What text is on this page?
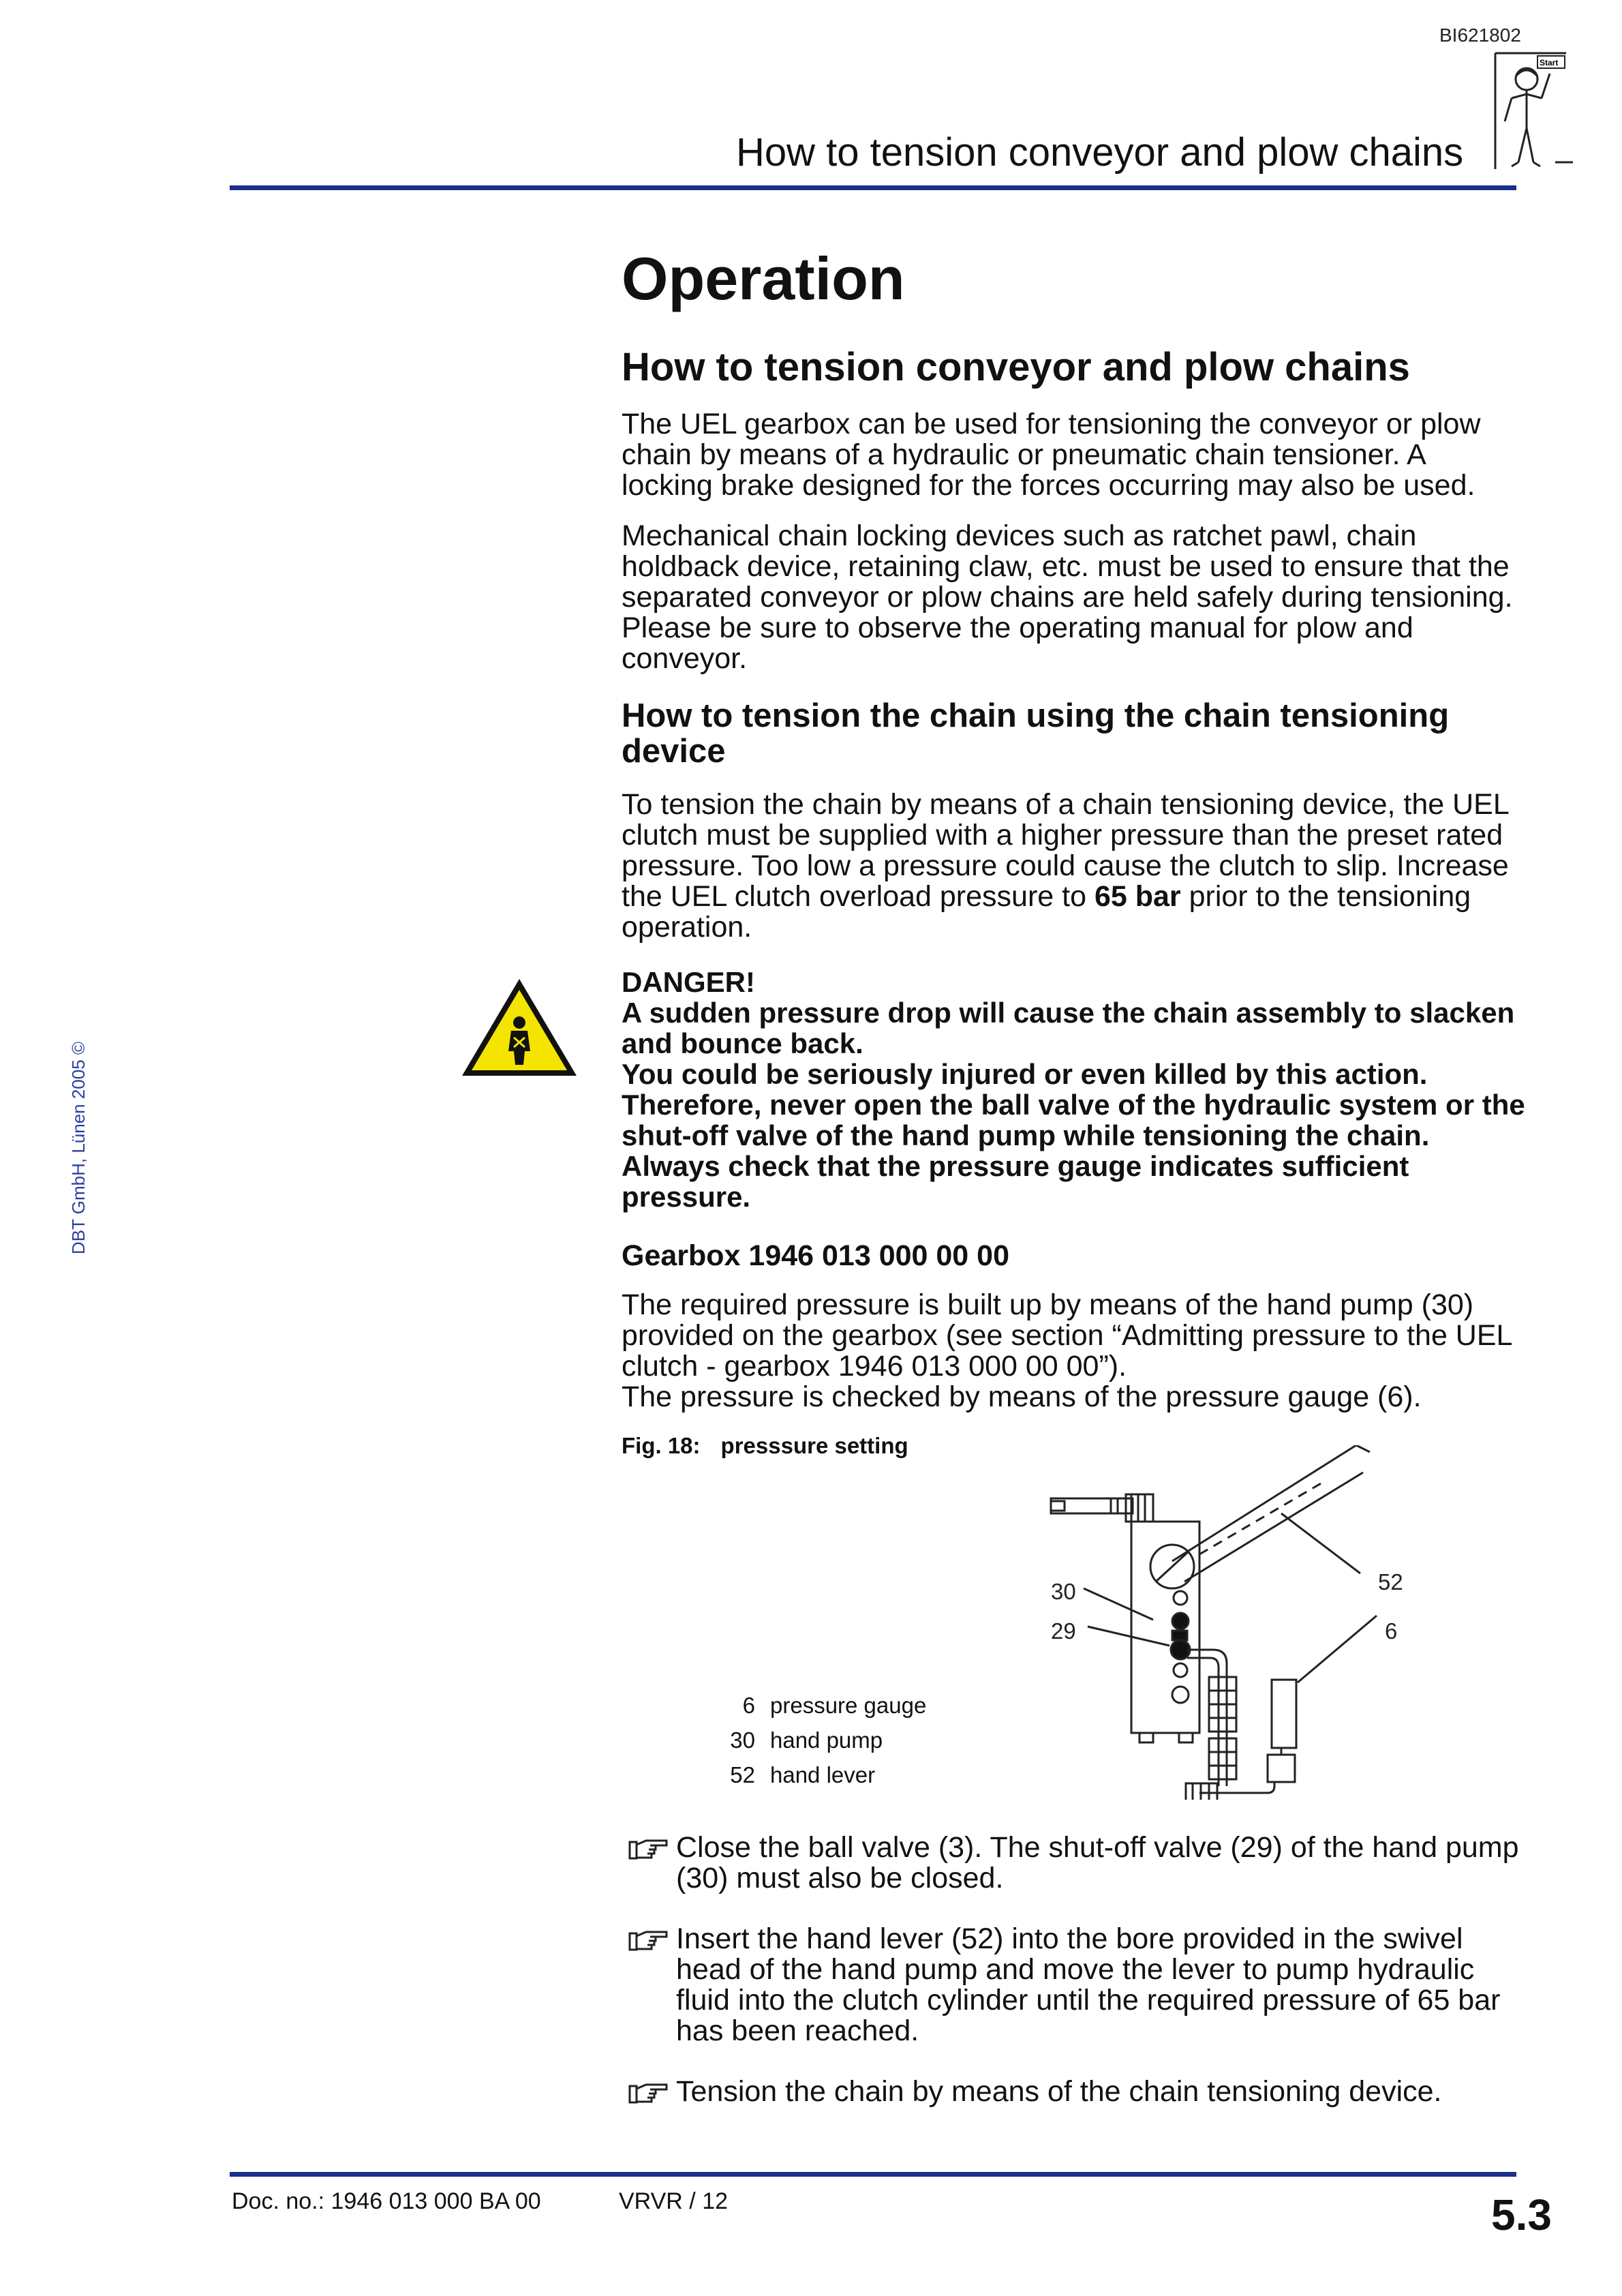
BI621802
How to tension conveyor and plow chains
Start
DBT GmbH, Lünen 2005 ©
Operation
How to tension conveyor and plow chains

The UEL gearbox can be used for tensioning the conveyor or plow chain by means of a hydraulic or pneumatic chain tensioner. A locking brake designed for the forces occurring may also be used.

Mechanical chain locking devices such as ratchet pawl, chain holdback device, retaining claw, etc. must be used to ensure that the separated conveyor or plow chains are held safely during tensioning. Please be sure to observe the operating manual for plow and conveyor.

How to tension the chain using the chain tensioning device

To tension the chain by means of a chain tensioning device, the UEL clutch must be supplied with a higher pressure than the preset rated pressure. Too low a pressure could cause the clutch to slip. Increase the UEL clutch overload pressure to 65 bar prior to the tensioning operation.

DANGER!
A sudden pressure drop will cause the chain assembly to slacken and bounce back.
You could be seriously injured or even killed by this action.
Therefore, never open the ball valve of the hydraulic system or the shut-off valve of the hand pump while tensioning the chain.
Always check that the pressure gauge indicates sufficient pressure.
Gearbox 1946 013 000 00 00

The required pressure is built up by means of the hand pump (30) provided on the gearbox (see section “Admitting pressure to the UEL clutch - gearbox 1946 013 000 00 00”).

The pressure is checked by means of the pressure gauge (6).

Fig. 18: presssure setting
30
29
52
6
6 pressure gauge
30 hand pump
52 hand lever
Close the ball valve (3). The shut-off valve (29) of the hand pump (30) must also be closed.
Insert the hand lever (52) into the bore provided in the swivel head of the hand pump and move the lever to pump hydraulic fluid into the clutch cylinder until the required pressure of 65 bar has been reached.
Tension the chain by means of the chain tensioning device.
Doc. no.: 1946 013 000 BA 00	VRVR / 12	5.3
